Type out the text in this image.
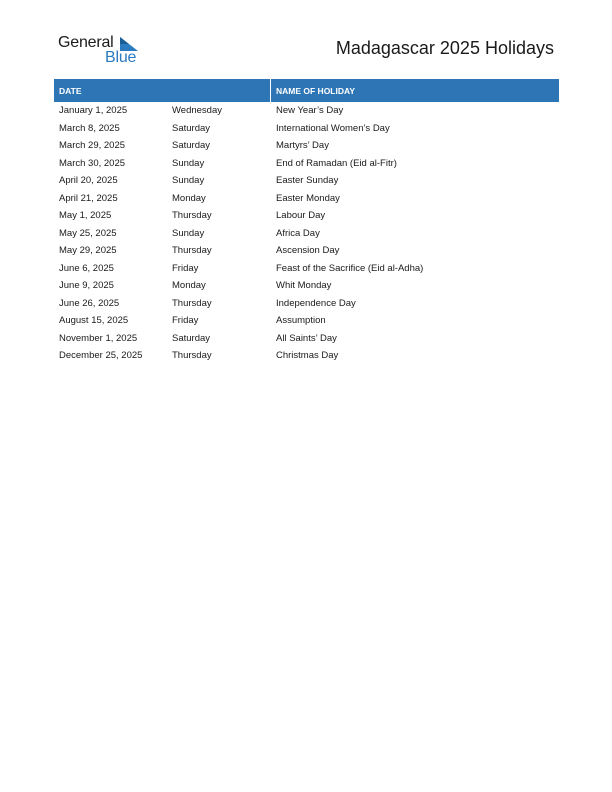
General
Blue	Madagascar 2025 Holidays
DATE	NAME OF HOLIDAY
January 1, 2025	Wednesday	New Year’s Day
March 8, 2025	Saturday	International Women’s Day
March 29, 2025	Saturday	Martyrs’ Day
March 30, 2025	Sunday	End of Ramadan (Eid al-Fitr)
April 20, 2025	Sunday	Easter Sunday
April 21, 2025	Monday	Easter Monday
May 1, 2025	Thursday	Labour Day
May 25, 2025	Sunday	Africa Day
May 29, 2025	Thursday	Ascension Day
June 6, 2025	Friday	Feast of the Sacrifice (Eid al-Adha)
June 9, 2025	Monday	Whit Monday
June 26, 2025	Thursday	Independence Day
August 15, 2025	Friday	Assumption
November 1, 2025	Saturday	All Saints’ Day
December 25, 2025	Thursday	Christmas Day
